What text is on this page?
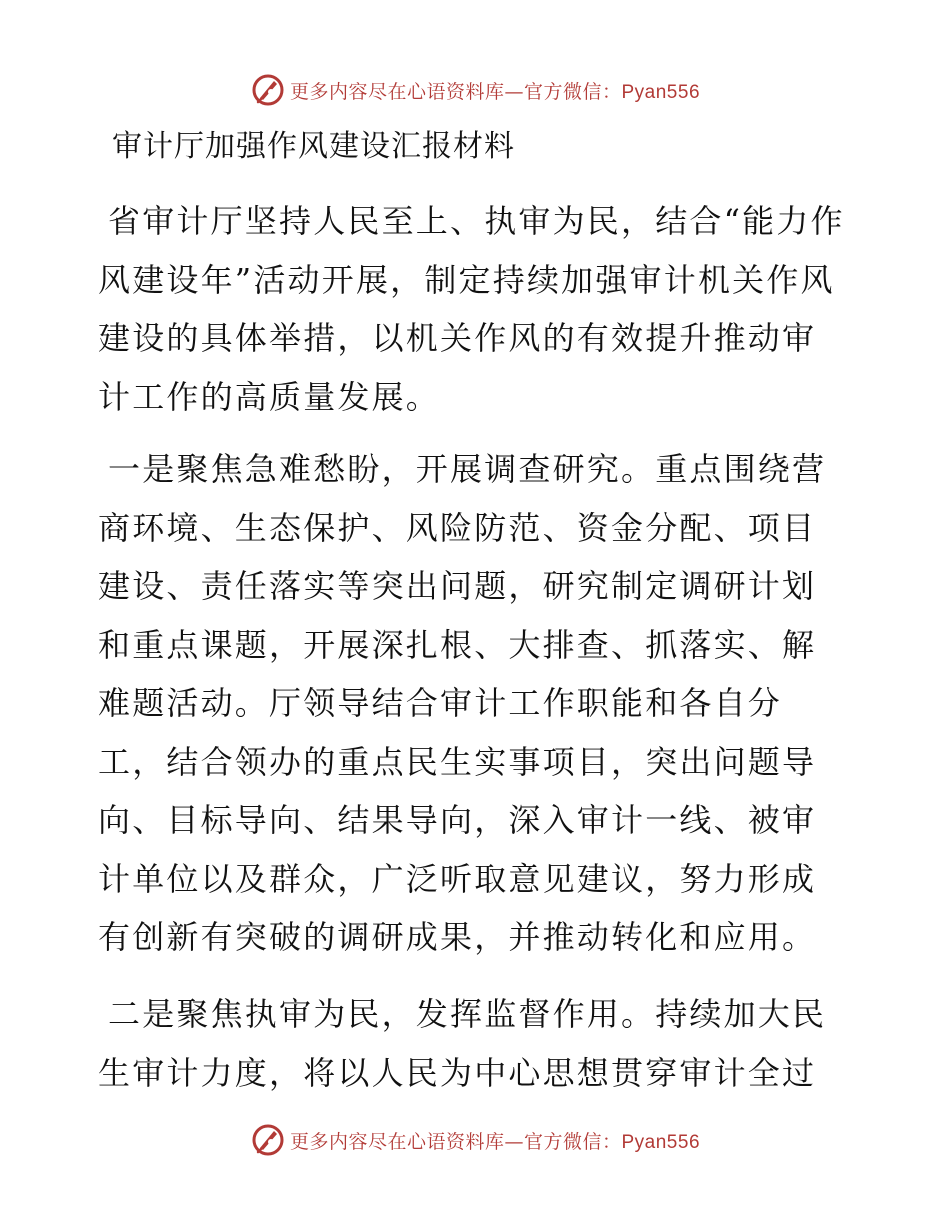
更多内容尽在心语资料库—官方微信：Pyan556
审计厅加强作风建设汇报材料

省审计厅坚持人民至上、执审为民，结合“能力作风建设年”活动开展，制定持续加强审计机关作风建设的具体举措，以机关作风的有效提升推动审计工作的高质量发展。

一是聚焦急难愁盼，开展调查研究。重点围绕营商环境、生态保护、风险防范、资金分配、项目建设、责任落实等突出问题，研究制定调研计划和重点课题，开展深扎根、大排查、抓落实、解难题活动。厅领导结合审计工作职能和各自分工，结合领办的重点民生实事项目，突出问题导向、目标导向、结果导向，深入审计一线、被审计单位以及群众，广泛听取意见建议，努力形成有创新有突破的调研成果，并推动转化和应用。

二是聚焦执审为民，发挥监督作用。持续加大民生审计力度，将以人民为中心思想贯穿审计全过

更多内容尽在心语资料库—官方微信：Pyan556
